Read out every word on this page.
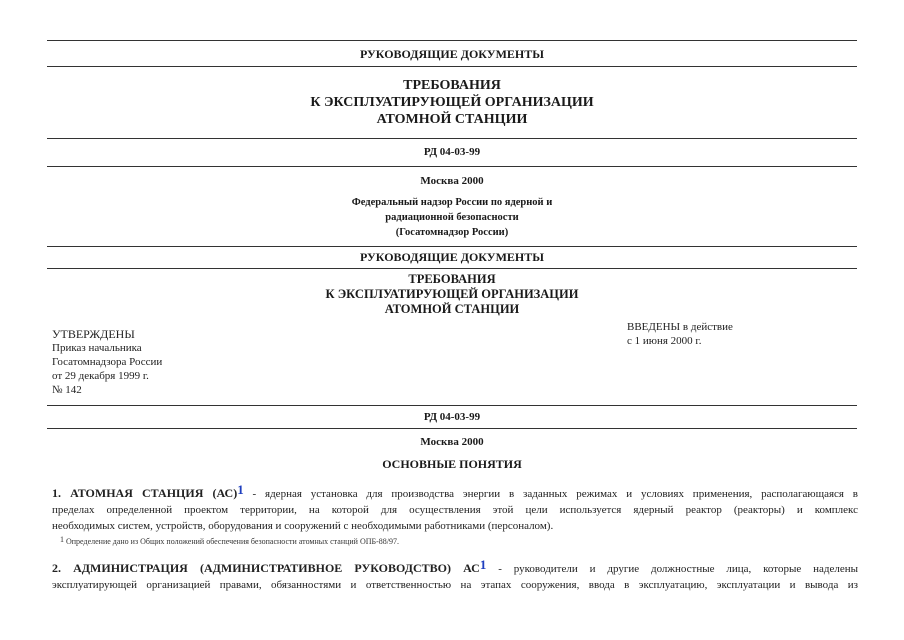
РУКОВОДЯЩИЕ ДОКУМЕНТЫ
ТРЕБОВАНИЯ
К ЭКСПЛУАТИРУЮЩЕЙ ОРГАНИЗАЦИИ
АТОМНОЙ СТАНЦИИ
РД 04-03-99
Москва 2000
Федеральный надзор России по ядерной и
радиационной безопасности
(Госатомнадзор России)
РУКОВОДЯЩИЕ ДОКУМЕНТЫ
ТРЕБОВАНИЯ
К ЭКСПЛУАТИРУЮЩЕЙ ОРГАНИЗАЦИИ
АТОМНОЙ СТАНЦИИ
УТВЕРЖДЕНЫ
Приказ начальника
Госатомнадзора России
от 29 декабря 1999 г.
№ 142
ВВЕДЕНЫ в действие
с 1 июня 2000 г.
РД 04-03-99
Москва 2000
ОСНОВНЫЕ ПОНЯТИЯ
1. АТОМНАЯ СТАНЦИЯ (АС)1 - ядерная установка для производства энергии в заданных режимах и условиях применения, располагающаяся в
пределах определенной проектом территории, на которой для осуществления этой цели используется ядерный реактор (реакторы) и комплекс
необходимых систем, устройств, оборудования и сооружений с необходимыми работниками (персоналом).
1 Определение дано из Общих положений обеспечения безопасности атомных станций ОПБ-88/97.
2. АДМИНИСТРАЦИЯ (АДМИНИСТРАТИВНОЕ РУКОВОДСТВО) АС1 - руководители и другие должностные лица, которые наделены
эксплуатирующей организацией правами, обязанностями и ответственностью на этапах сооружения, ввода в эксплуатацию, эксплуатации и вывода из
